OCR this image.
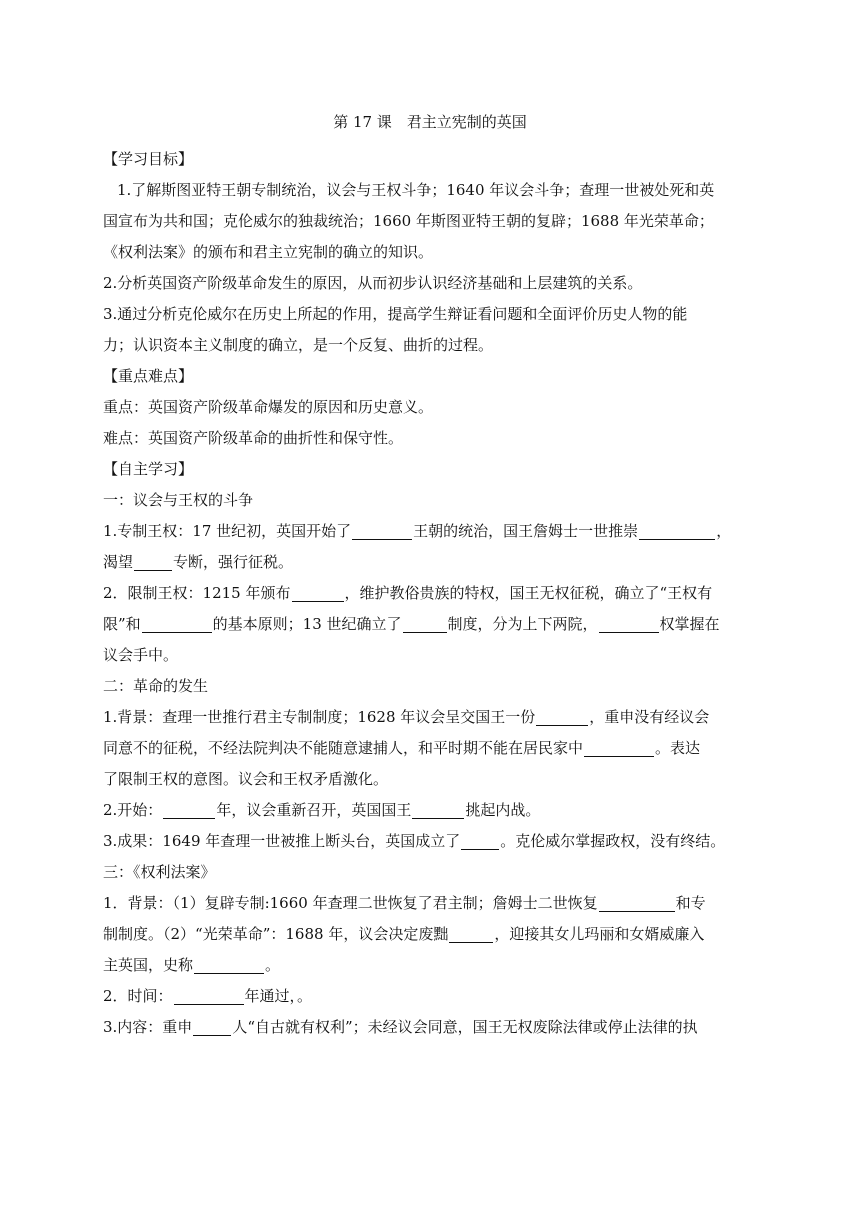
第 17 课　君主立宪制的英国

【学习目标】

1.了解斯图亚特王朝专制统治，议会与王权斗争；1640 年议会斗争；查理一世被处死和英

国宣布为共和国；克伦威尔的独裁统治；1660 年斯图亚特王朝的复辟；1688 年光荣革命；

《权利法案》的颁布和君主立宪制的确立的知识。

2.分析英国资产阶级革命发生的原因，从而初步认识经济基础和上层建筑的关系。

3.通过分析克伦威尔在历史上所起的作用，提高学生辩证看问题和全面评价历史人物的能

力；认识资本主义制度的确立，是一个反复、曲折的过程。

【重点难点】

重点：英国资产阶级革命爆发的原因和历史意义。

难点：英国资产阶级革命的曲折性和保守性。

【自主学习】

一：议会与王权的斗争

1.专制王权：17 世纪初，英国开始了	王朝的统治，国王詹姆士一世推崇	，

渴望	专断，强行征税。

2．限制王权：1215 年颁布	，维护教俗贵族的特权，国王无权征税，确立了“王权有

限”和	的基本原则；13 世纪确立了	制度，分为上下两院，	权掌握在

议会手中。

二：革命的发生

1.背景：查理一世推行君主专制制度；1628 年议会呈交国王一份	，重申没有经议会

同意不的征税，不经法院判决不能随意逮捕人，和平时期不能在居民家中	。表达

了限制王权的意图。议会和王权矛盾激化。

2.开始：	年，议会重新召开，英国国王	挑起内战。

3.成果：1649 年查理一世被推上断头台，英国成立了	。克伦威尔掌握政权，没有终结。

三：《权利法案》

1．背景：（1）复辟专制:1660 年查理二世恢复了君主制；詹姆士二世恢复	和专

制制度。（2）“光荣革命”：1688 年，议会决定废黜	，迎接其女儿玛丽和女婿威廉入

主英国，史称	。

2．时间：	年通过，。

3.内容：重申	人“自古就有权利”；未经议会同意，国王无权废除法律或停止法律的执
